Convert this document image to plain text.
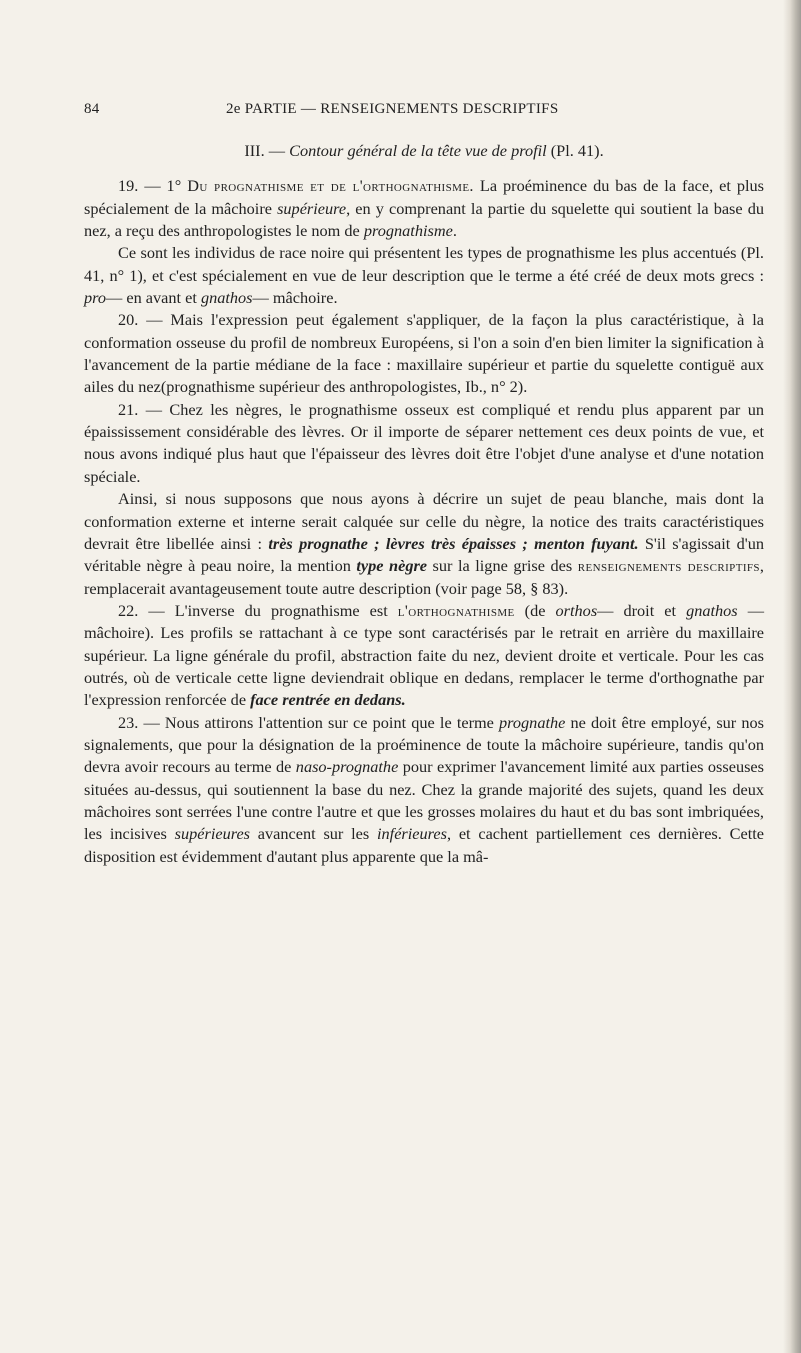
84	2e PARTIE — RENSEIGNEMENTS DESCRIPTIFS

III. — Contour général de la tête vue de profil (Pl. 41).

19. — 1° Du prognathisme et de l'orthognathisme. La proéminence du bas de la face, et plus spécialement de la mâchoire supérieure, en y comprenant la partie du squelette qui soutient la base du nez, a reçu des anthropologistes le nom de prognathisme.

Ce sont les individus de race noire qui présentent les types de prognathisme les plus accentués (Pl. 41, n° 1), et c'est spécialement en vue de leur description que le terme a été créé de deux mots grecs : pro— en avant et gnathos— mâchoire.

20. — Mais l'expression peut également s'appliquer, de la façon la plus caractéristique, à la conformation osseuse du profil de nombreux Européens, si l'on a soin d'en bien limiter la signification à l'avancement de la partie médiane de la face : maxillaire supérieur et partie du squelette contiguë aux ailes du nez(prognathisme supérieur des anthropologistes, Ib., n° 2).

21. — Chez les nègres, le prognathisme osseux est compliqué et rendu plus apparent par un épaississement considérable des lèvres. Or il importe de séparer nettement ces deux points de vue, et nous avons indiqué plus haut que l'épaisseur des lèvres doit être l'objet d'une analyse et d'une notation spéciale.

Ainsi, si nous supposons que nous ayons à décrire un sujet de peau blanche, mais dont la conformation externe et interne serait calquée sur celle du nègre, la notice des traits caractéristiques devrait être libellée ainsi : très prognathe ; lèvres très épaisses ; menton fuyant. S'il s'agissait d'un véritable nègre à peau noire, la mention type nègre sur la ligne grise des renseignements descriptifs, remplacerait avantageusement toute autre description (voir page 58, § 83).

22. — L'inverse du prognathisme est l'orthognathisme (de orthos— droit et gnathos — mâchoire). Les profils se rattachant à ce type sont caractérisés par le retrait en arrière du maxillaire supérieur. La ligne générale du profil, abstraction faite du nez, devient droite et verticale. Pour les cas outrés, où de verticale cette ligne deviendrait oblique en dedans, remplacer le terme d'orthognathe par l'expression renforcée de face rentrée en dedans.

23. — Nous attirons l'attention sur ce point que le terme prognathe ne doit être employé, sur nos signalements, que pour la désignation de la proéminence de toute la mâchoire supérieure, tandis qu'on devra avoir recours au terme de naso-prognathe pour exprimer l'avancement limité aux parties osseuses situées au-dessus, qui soutiennent la base du nez. Chez la grande majorité des sujets, quand les deux mâchoires sont serrées l'une contre l'autre et que les grosses molaires du haut et du bas sont imbriquées, les incisives supérieures avancent sur les inférieures, et cachent partiellement ces dernières. Cette disposition est évidemment d'autant plus apparente que la mâ-
